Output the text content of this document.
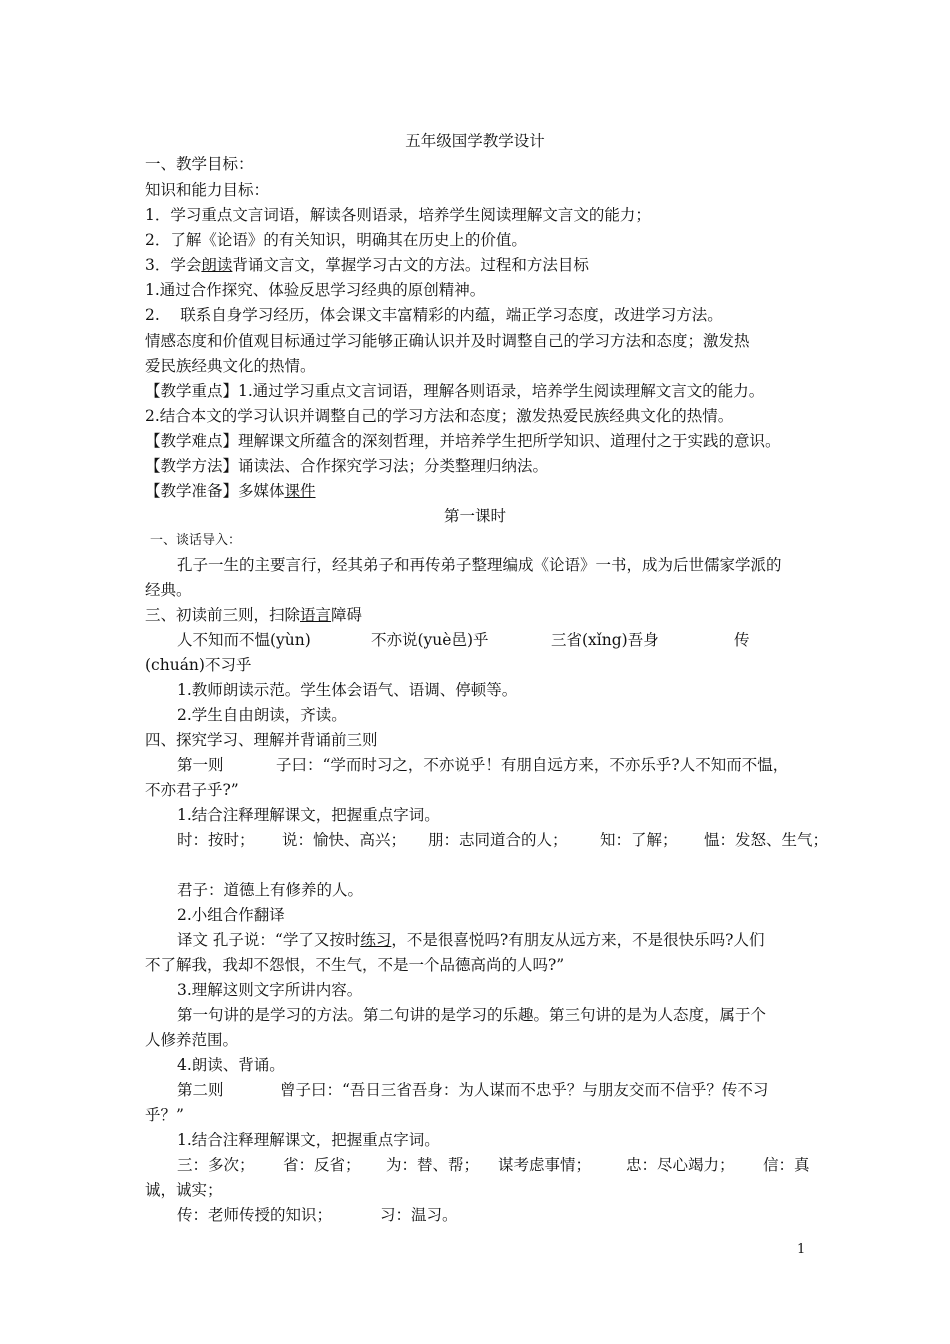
五年级国学教学设计
一、教学目标：
知识和能力目标：
1．学习重点文言词语，解读各则语录，培养学生阅读理解文言文的能力；
2．了解《论语》的有关知识，明确其在历史上的价值。
3．学会朗读背诵文言文，掌握学习古文的方法。过程和方法目标
1.通过合作探究、体验反思学习经典的原创精神。
2.　 联系自身学习经历，体会课文丰富精彩的内蕴，端正学习态度，改进学习方法。
情感态度和价值观目标通过学习能够正确认识并及时调整自己的学习方法和态度；激发热
爱民族经典文化的热情。
【教学重点】1.通过学习重点文言词语，理解各则语录，培养学生阅读理解文言文的能力。
2.结合本文的学习认识并调整自己的学习方法和态度；激发热爱民族经典文化的热情。
【教学难点】理解课文所蕴含的深刻哲理，并培养学生把所学知识、道理付之于实践的意识。
【教学方法】诵读法、合作探究学习法；分类整理归纳法。
【教学准备】多媒体课件
第一课时
一、谈话导入：
孔子一生的主要言行，经其弟子和再传弟子整理编成《论语》一书，成为后世儒家学派的
经典。
三、初读前三则，扫除语言障碍
人不知而不愠(yùn)	不亦说(yuè邑)乎	三省(xǐng)吾身	传
(chuán)不习乎
1.教师朗读示范。学生体会语气、语调、停顿等。
2.学生自由朗读，齐读。
四、探究学习、理解并背诵前三则
第一则	子曰：“学而时习之，不亦说乎！有朋自远方来，不亦乐乎?人不知而不愠，
不亦君子乎?”
1.结合注释理解课文，把握重点字词。
时：按时； 说：愉快、高兴； 朋：志同道合的人； 知：了解； 愠：发怒、生气；
君子：道德上有修养的人。
2.小组合作翻译
译文 孔子说：“学了又按时练习，不是很喜悦吗?有朋友从远方来，不是很快乐吗?人们
不了解我，我却不怨恨，不生气，不是一个品德高尚的人吗?”
3.理解这则文字所讲内容。
第一句讲的是学习的方法。第二句讲的是学习的乐趣。第三句讲的是为人态度，属于个
人修养范围。
4.朗读、背诵。
第二则	曾子曰：“吾日三省吾身：为人谋而不忠乎？与朋友交而不信乎？传不习
乎？”
1.结合注释理解课文，把握重点字词。
三：多次； 省：反省； 为：替、帮； 谋考虑事情； 忠：尽心竭力； 信：真
诚，诚实；
传：老师传授的知识；	习：温习。
1
